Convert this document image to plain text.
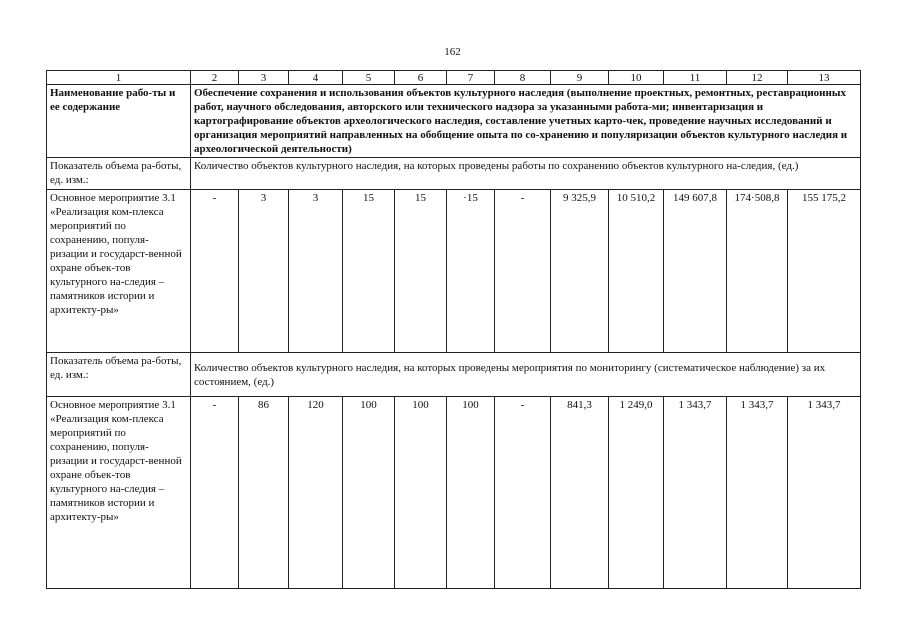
162
1	2	3	4	5	6	7	8	9	10	11	12	13
Наименование рабо-ты и ее содержание	Обеспечение сохранения и использования объектов культурного наследия (выполнение проектных, ремонтных, реставрационных работ, научного обследования, авторского или технического надзора за указанными работа-ми; инвентаризация и картографирование объектов археологического наследия, составление учетных карто-чек, проведение научных исследований и организация мероприятий направленных на обобщение опыта по со-хранению и популяризации объектов культурного наследия и археологической деятельности)											
Показатель объема ра-боты, ед. изм.:	Количество объектов культурного наследия, на которых проведены работы по сохранению объектов культурного на-следия, (ед.)											
Основное мероприятие 3.1 «Реализация ком-плекса мероприятий по сохранению, популя-ризации и государст-венной охране объек-тов культурного на-следия – памятников истории и архитекту-ры»	-	3	3	15	15	·15	-	9 325,9	10 510,2	149 607,8	174·508,8	155 175,2
Показатель объема ра-боты, ед. изм.:	Количество объектов культурного наследия, на которых проведены мероприятия по мониторингу (систематическое наблюдение) за их состоянием, (ед.)											
Основное мероприятие 3.1 «Реализация ком-плекса мероприятий по сохранению, популя-ризации и государст-венной охране объек-тов культурного на-следия – памятников истории и архитекту-ры»	-	86	120	100	100	100	-	841,3	1 249,0	1 343,7	1 343,7	1 343,7
